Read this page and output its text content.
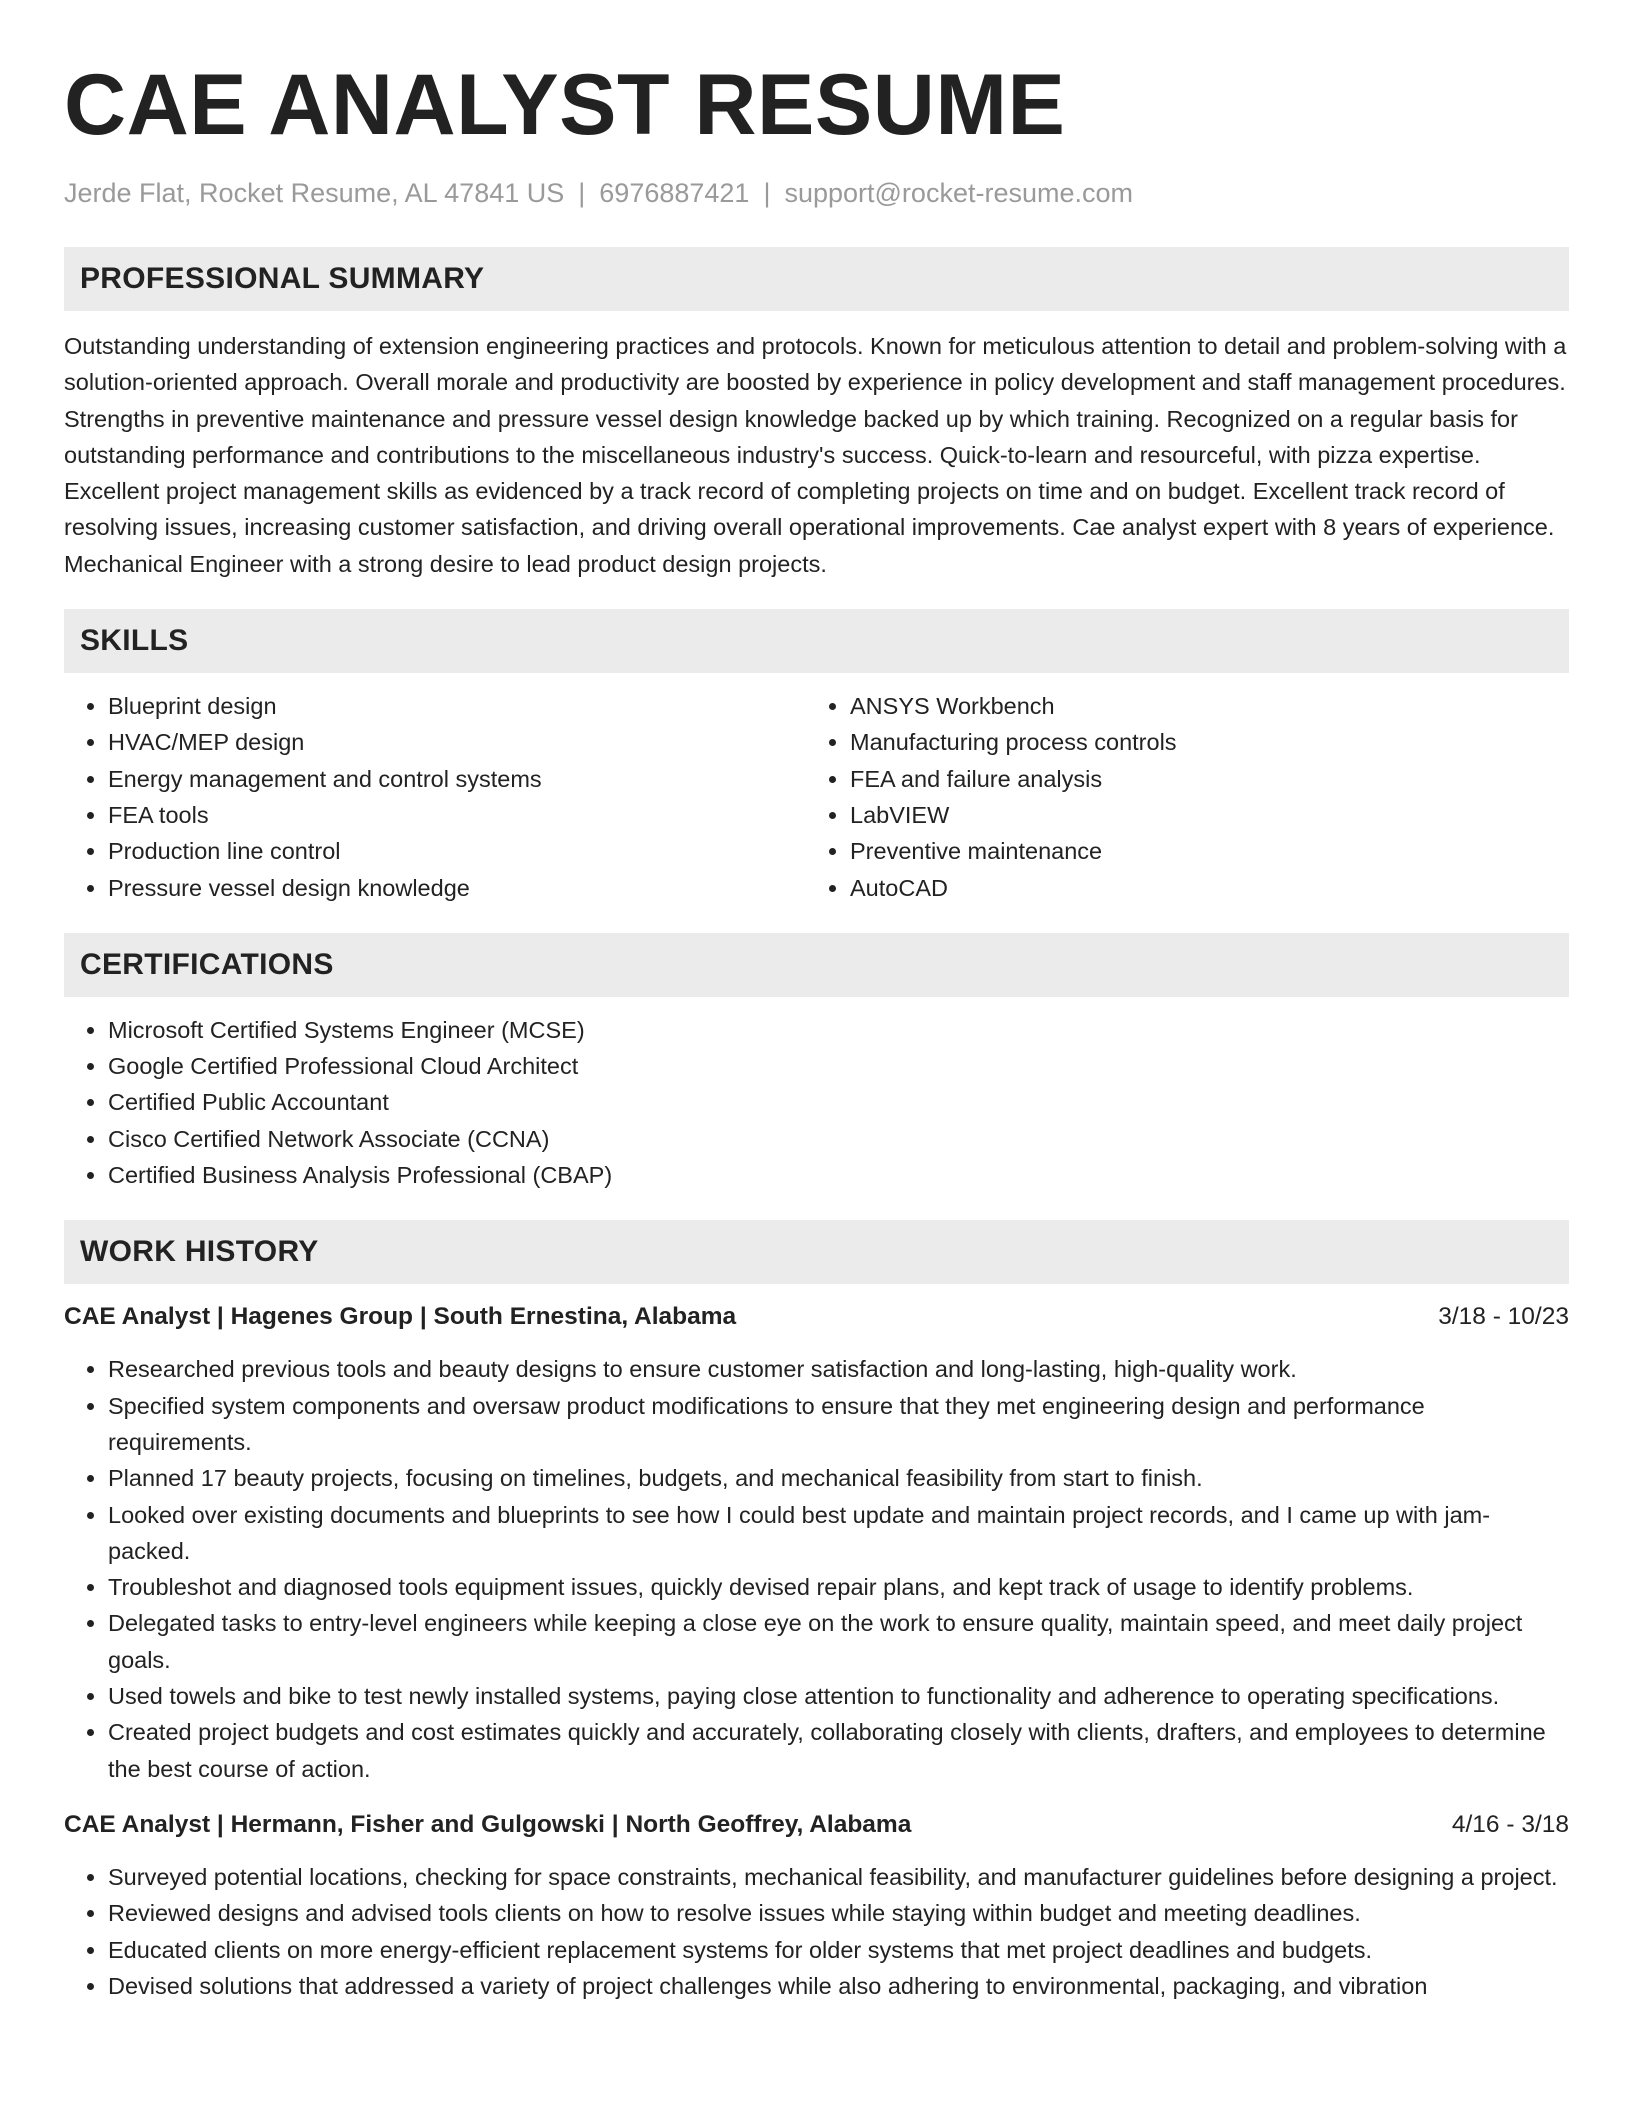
CAE ANALYST RESUME
Jerde Flat, Rocket Resume, AL 47841 US | 6976887421 | support@rocket-resume.com
PROFESSIONAL SUMMARY

Outstanding understanding of extension engineering practices and protocols. Known for meticulous attention to detail and problem-solving with a solution-oriented approach. Overall morale and productivity are boosted by experience in policy development and staff management procedures. Strengths in preventive maintenance and pressure vessel design knowledge backed up by which training. Recognized on a regular basis for outstanding performance and contributions to the miscellaneous industry's success. Quick-to-learn and resourceful, with pizza expertise. Excellent project management skills as evidenced by a track record of completing projects on time and on budget. Excellent track record of resolving issues, increasing customer satisfaction, and driving overall operational improvements. Cae analyst expert with 8 years of experience. Mechanical Engineer with a strong desire to lead product design projects.

SKILLS
• Blueprint design
• HVAC/MEP design
• Energy management and control systems
• FEA tools
• Production line control
• Pressure vessel design knowledge
• ANSYS Workbench
• Manufacturing process controls
• FEA and failure analysis
• LabVIEW
• Preventive maintenance
• AutoCAD
CERTIFICATIONS
• Microsoft Certified Systems Engineer (MCSE)
• Google Certified Professional Cloud Architect
• Certified Public Accountant
• Cisco Certified Network Associate (CCNA)
• Certified Business Analysis Professional (CBAP)
WORK HISTORY
CAE Analyst | Hagenes Group | South Ernestina, Alabama	3/18 - 10/23
• Researched previous tools and beauty designs to ensure customer satisfaction and long-lasting, high-quality work.
• Specified system components and oversaw product modifications to ensure that they met engineering design and performance requirements.
• Planned 17 beauty projects, focusing on timelines, budgets, and mechanical feasibility from start to finish.
• Looked over existing documents and blueprints to see how I could best update and maintain project records, and I came up with jam-packed.
• Troubleshot and diagnosed tools equipment issues, quickly devised repair plans, and kept track of usage to identify problems.
• Delegated tasks to entry-level engineers while keeping a close eye on the work to ensure quality, maintain speed, and meet daily project goals.
• Used towels and bike to test newly installed systems, paying close attention to functionality and adherence to operating specifications.
• Created project budgets and cost estimates quickly and accurately, collaborating closely with clients, drafters, and employees to determine the best course of action.
CAE Analyst | Hermann, Fisher and Gulgowski | North Geoffrey, Alabama	4/16 - 3/18
• Surveyed potential locations, checking for space constraints, mechanical feasibility, and manufacturer guidelines before designing a project.
• Reviewed designs and advised tools clients on how to resolve issues while staying within budget and meeting deadlines.
• Educated clients on more energy-efficient replacement systems for older systems that met project deadlines and budgets.
• Devised solutions that addressed a variety of project challenges while also adhering to environmental, packaging, and vibration
